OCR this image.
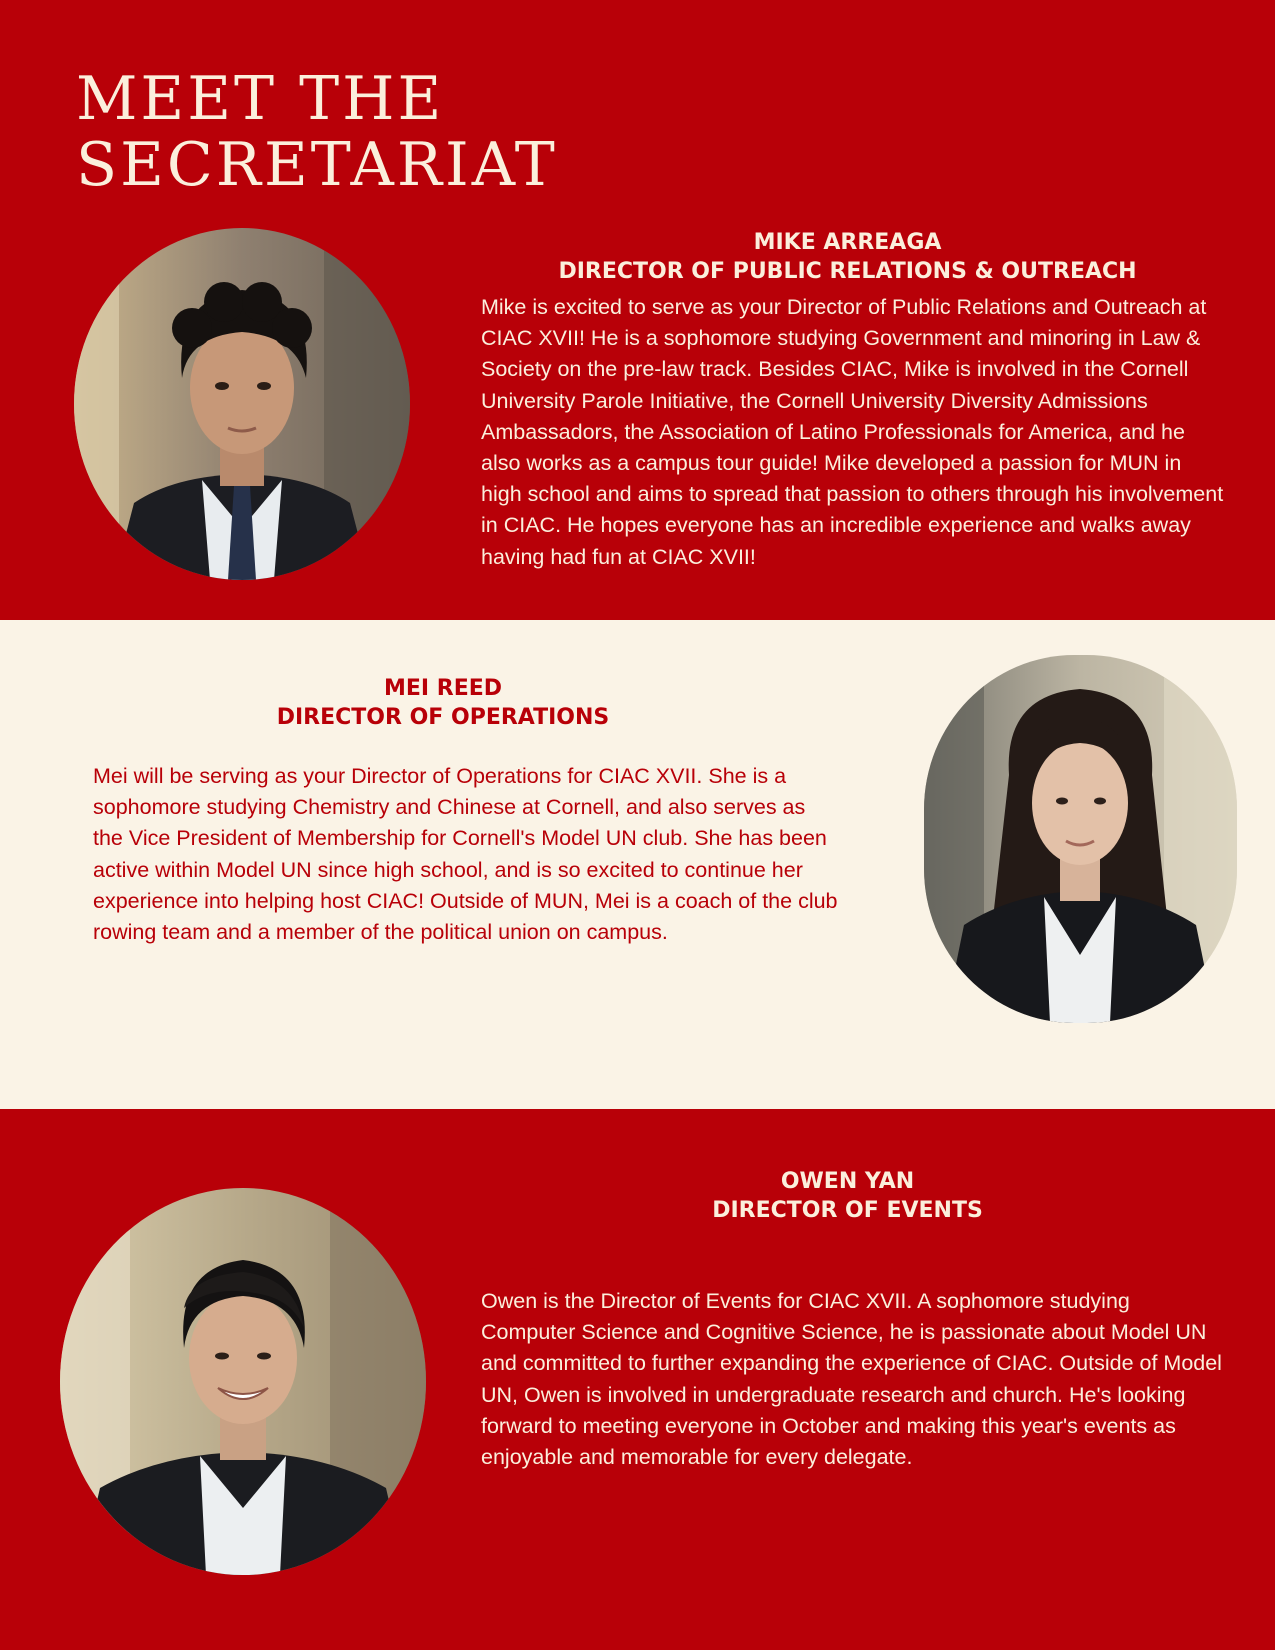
MEET THE
SECRETARIAT

MIKE ARREAGA
DIRECTOR OF PUBLIC RELATIONS & OUTREACH

Mike is excited to serve as your Director of Public Relations and Outreach at CIAC XVII! He is a sophomore studying Government and minoring in Law & Society on the pre-law track. Besides CIAC, Mike is involved in the Cornell University Parole Initiative, the Cornell University Diversity Admissions Ambassadors, the Association of Latino Professionals for America, and he also works as a campus tour guide! Mike developed a passion for MUN in high school and aims to spread that passion to others through his involvement in CIAC. He hopes everyone has an incredible experience and walks away having had fun at CIAC XVII!

MEI REED
DIRECTOR OF OPERATIONS

Mei will be serving as your Director of Operations for CIAC XVII. She is a sophomore studying Chemistry and Chinese at Cornell, and also serves as the Vice President of Membership for Cornell's Model UN club. She has been active within Model UN since high school, and is so excited to continue her experience into helping host CIAC! Outside of MUN, Mei is a coach of the club rowing team and a member of the political union on campus.

OWEN YAN
DIRECTOR OF EVENTS

Owen is the Director of Events for CIAC XVII. A sophomore studying Computer Science and Cognitive Science, he is passionate about Model UN and committed to further expanding the experience of CIAC. Outside of Model UN, Owen is involved in undergraduate research and church. He's looking forward to meeting everyone in October and making this year's events as enjoyable and memorable for every delegate.
